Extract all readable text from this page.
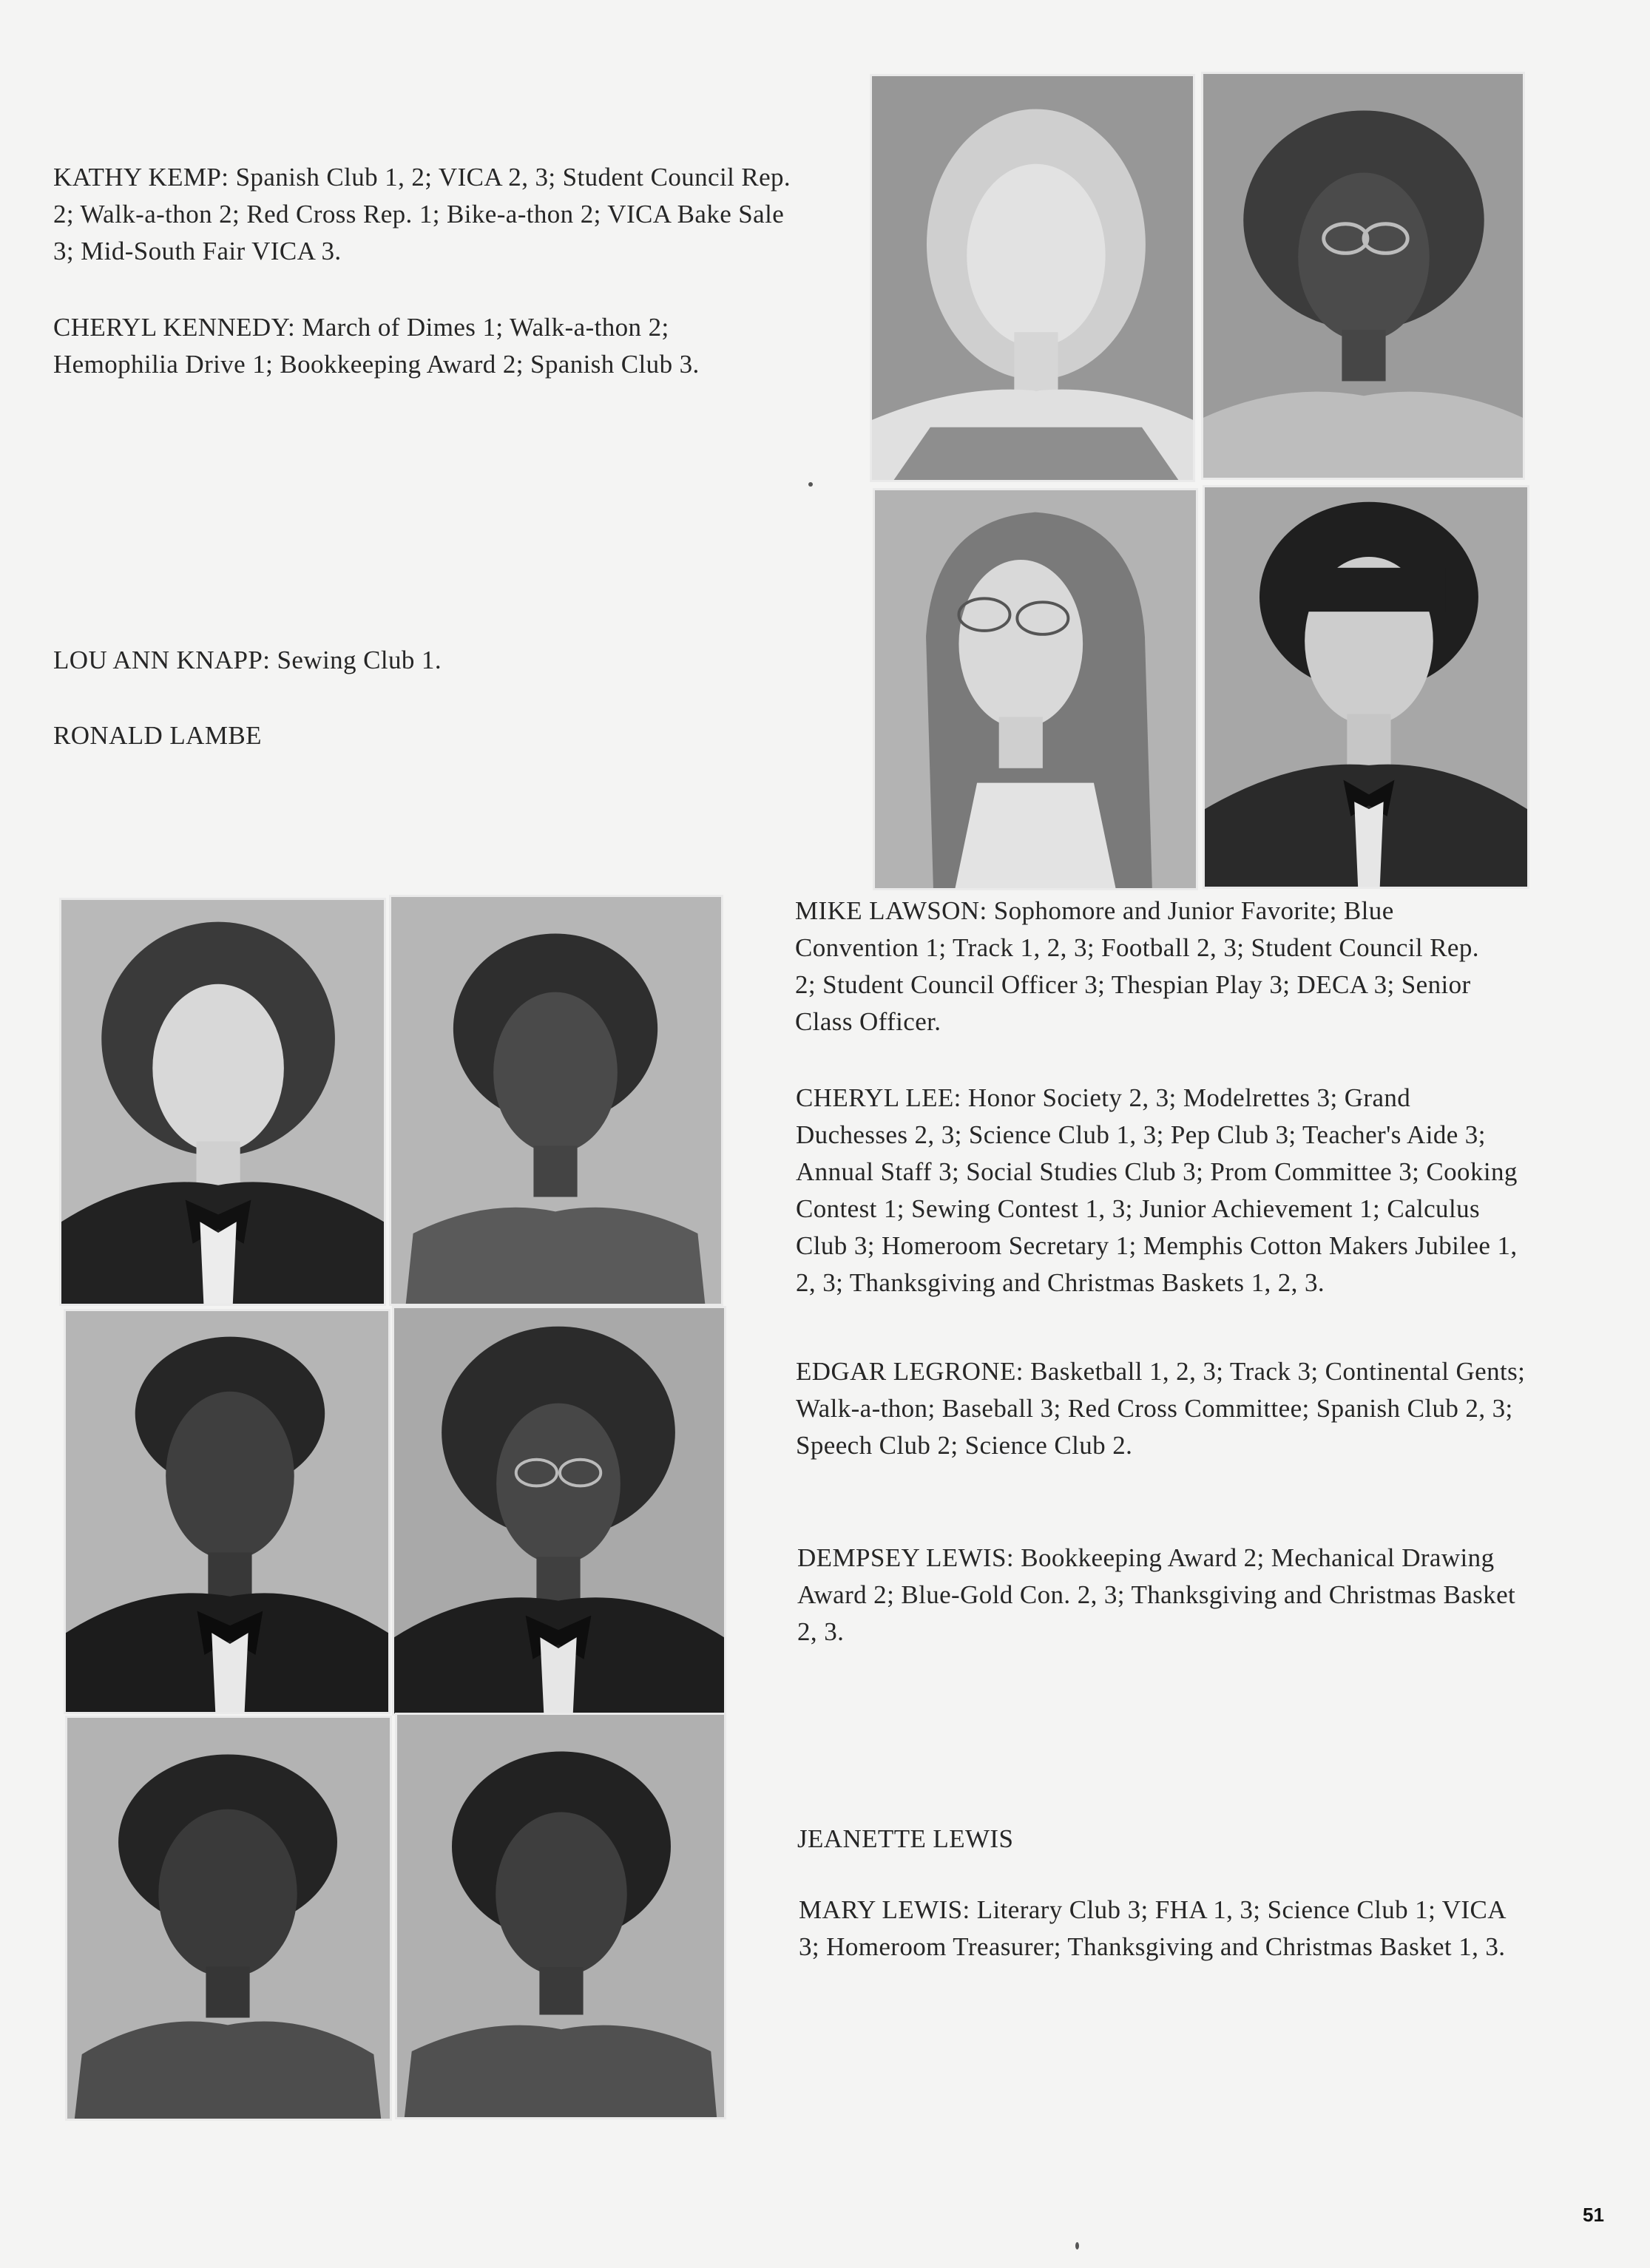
KATHY KEMP: Spanish Club 1, 2; VICA 2, 3; Student Council Rep. 2; Walk-a-thon 2; Red Cross Rep. 1; Bike-a-thon 2; VICA Bake Sale 3; Mid-South Fair VICA 3.

CHERYL KENNEDY: March of Dimes 1; Walk-a-thon 2; Hemophilia Drive 1; Bookkeeping Award 2; Spanish Club 3.

LOU ANN KNAPP: Sewing Club 1.

RONALD LAMBE

MIKE LAWSON: Sophomore and Junior Favorite; Blue Convention 1; Track 1, 2, 3; Football 2, 3; Student Council Rep. 2; Student Council Officer 3; Thespian Play 3; DECA 3; Senior Class Officer.

CHERYL LEE: Honor Society 2, 3; Modelrettes 3; Grand Duchesses 2, 3; Science Club 1, 3; Pep Club 3; Teacher's Aide 3; Annual Staff 3; Social Studies Club 3; Prom Committee 3; Cooking Contest 1; Sewing Contest 1, 3; Junior Achievement 1; Calculus Club 3; Homeroom Secretary 1; Memphis Cotton Makers Jubilee 1, 2, 3; Thanksgiving and Christmas Baskets 1, 2, 3.

EDGAR LEGRONE: Basketball 1, 2, 3; Track 3; Continental Gents; Walk-a-thon; Baseball 3; Red Cross Committee; Spanish Club 2, 3; Speech Club 2; Science Club 2.

DEMPSEY LEWIS: Bookkeeping Award 2; Mechanical Drawing Award 2; Blue-Gold Con. 2, 3; Thanksgiving and Christmas Basket 2, 3.

JEANETTE LEWIS

MARY LEWIS: Literary Club 3; FHA 1, 3; Science Club 1; VICA 3; Homeroom Treasurer; Thanksgiving and Christmas Basket 1, 3.

51
